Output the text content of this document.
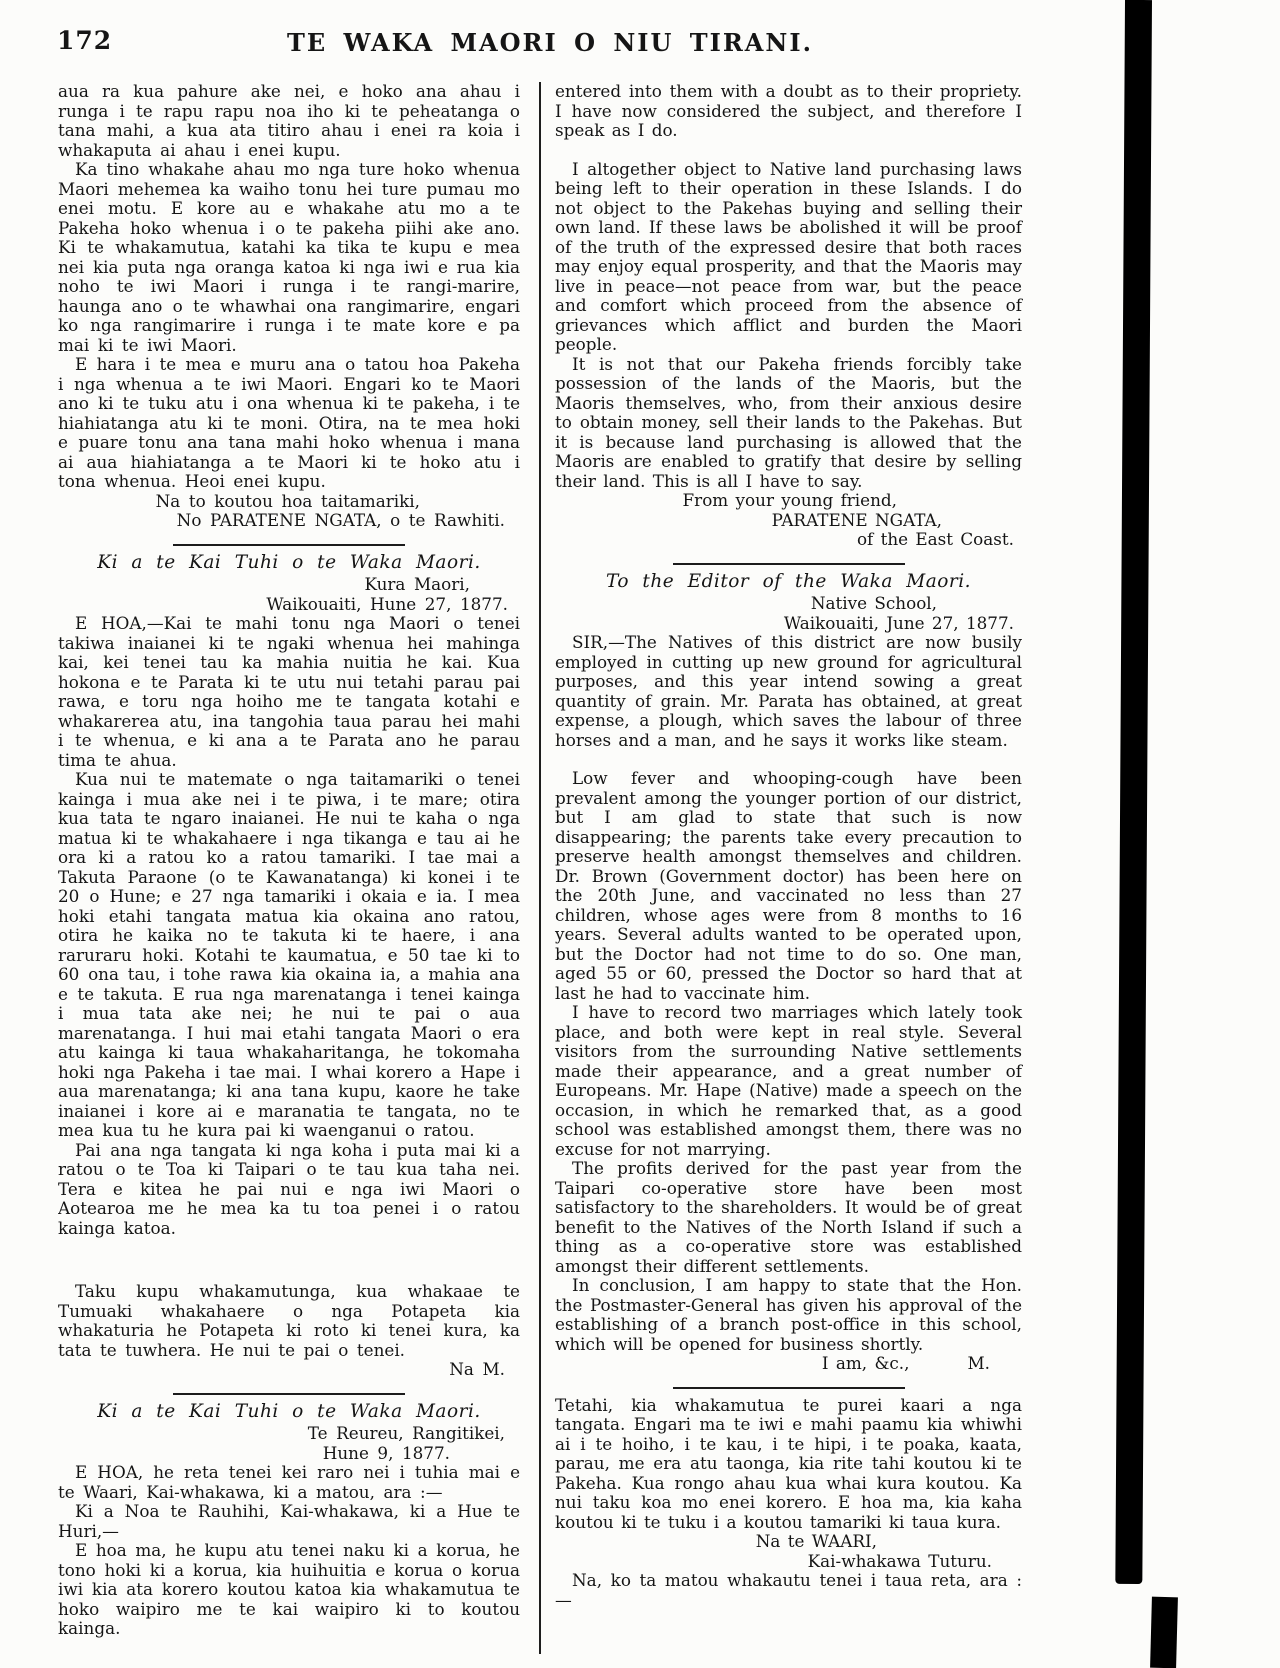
172	TE WAKA MAORI O NIU TIRANI.

aua ra kua pahure ake nei, e hoko ana ahau i runga i te rapu rapu noa iho ki te peheatanga o tana mahi, a kua ata titiro ahau i enei ra koia i whakaputa ai ahau i enei kupu.

Ka tino whakahe ahau mo nga ture hoko whenua Maori mehemea ka waiho tonu hei ture pumau mo enei motu. E kore au e whakahe atu mo a te Pakeha hoko whenua i o te pakeha piihi ake ano. Ki te whakamutua, katahi ka tika te kupu e mea nei kia puta nga oranga katoa ki nga iwi e rua kia noho te iwi Maori i runga i te rangi-marire, haunga ano o te whawhai ona rangimarire, engari ko nga rangimarire i runga i te mate kore e pa mai ki te iwi Maori.

E hara i te mea e muru ana o tatou hoa Pakeha i nga whenua a te iwi Maori. Engari ko te Maori ano ki te tuku atu i ona whenua ki te pakeha, i te hiahiatanga atu ki te moni. Otira, na te mea hoki e puare tonu ana tana mahi hoko whenua i mana ai aua hiahiatanga a te Maori ki te hoko atu i tona whenua. Heoi enei kupu.

Na to koutou hoa taitamariki,
No PARATENE NGATA, o te Rawhiti.
Ki a te Kai Tuhi o te Waka Maori.
Kura Maori,
Waikouaiti, Hune 27, 1877.

E HOA,—Kai te mahi tonu nga Maori o tenei takiwa inaianei ki te ngaki whenua hei mahinga kai, kei tenei tau ka mahia nuitia he kai. Kua hokona e te Parata ki te utu nui tetahi parau pai rawa, e toru nga hoiho me te tangata kotahi e whakarerea atu, ina tangohia taua parau hei mahi i te whenua, e ki ana a te Parata ano he parau tima te ahua.

Kua nui te matemate o nga taitamariki o tenei kainga i mua ake nei i te piwa, i te mare; otira kua tata te ngaro inaianei. He nui te kaha o nga matua ki te whakahaere i nga tikanga e tau ai he ora ki a ratou ko a ratou tamariki. I tae mai a Takuta Paraone (o te Kawanatanga) ki konei i te 20 o Hune; e 27 nga tamariki i okaia e ia. I mea hoki etahi tangata matua kia okaina ano ratou, otira he kaika no te takuta ki te haere, i ana raruraru hoki. Kotahi te kaumatua, e 50 tae ki to 60 ona tau, i tohe rawa kia okaina ia, a mahia ana e te takuta. E rua nga marenatanga i tenei kainga i mua tata ake nei; he nui te pai o aua marenatanga. I hui mai etahi tangata Maori o era atu kainga ki taua whakaharitanga, he tokomaha hoki nga Pakeha i tae mai. I whai korero a Hape i aua marenatanga; ki ana tana kupu, kaore he take inaianei i kore ai e maranatia te tangata, no te mea kua tu he kura pai ki waenganui o ratou.

Pai ana nga tangata ki nga koha i puta mai ki a ratou o te Toa ki Taipari o te tau kua taha nei. Tera e kitea he pai nui e nga iwi Maori o Aotearoa me he mea ka tu toa penei i o ratou kainga katoa.

Taku kupu whakamutunga, kua whakaae te Tumuaki whakahaere o nga Potapeta kia whakaturia he Potapeta ki roto ki tenei kura, ka tata te tuwhera. He nui te pai o tenei.

Na M.
Ki a te Kai Tuhi o te Waka Maori.
Te Reureu, Rangitikei,
Hune 9, 1877.

E HOA, he reta tenei kei raro nei i tuhia mai e te Waari, Kai-whakawa, ki a matou, ara :—

Ki a Noa te Rauhihi, Kai-whakawa, ki a Hue te Huri,—

E hoa ma, he kupu atu tenei naku ki a korua, he tono hoki ki a korua, kia huihuitia e korua o korua iwi kia ata korero koutou katoa kia whakamutua te hoko waipiro me te kai waipiro ki to koutou kainga.

entered into them with a doubt as to their propriety. I have now considered the subject, and therefore I speak as I do.

I altogether object to Native land purchasing laws being left to their operation in these Islands. I do not object to the Pakehas buying and selling their own land. If these laws be abolished it will be proof of the truth of the expressed desire that both races may enjoy equal prosperity, and that the Maoris may live in peace—not peace from war, but the peace and comfort which proceed from the absence of grievances which afflict and burden the Maori people.

It is not that our Pakeha friends forcibly take possession of the lands of the Maoris, but the Maoris themselves, who, from their anxious desire to obtain money, sell their lands to the Pakehas. But it is because land purchasing is allowed that the Maoris are enabled to gratify that desire by selling their land. This is all I have to say.

From your young friend,
PARATENE NGATA,
of the East Coast.
To the Editor of the Waka Maori.
Native School,
Waikouaiti, June 27, 1877.

SIR,—The Natives of this district are now busily employed in cutting up new ground for agricultural purposes, and this year intend sowing a great quantity of grain. Mr. Parata has obtained, at great expense, a plough, which saves the labour of three horses and a man, and he says it works like steam.

Low fever and whooping-cough have been prevalent among the younger portion of our district, but I am glad to state that such is now disappearing; the parents take every precaution to preserve health amongst themselves and children. Dr. Brown (Government doctor) has been here on the 20th June, and vaccinated no less than 27 children, whose ages were from 8 months to 16 years. Several adults wanted to be operated upon, but the Doctor had not time to do so. One man, aged 55 or 60, pressed the Doctor so hard that at last he had to vaccinate him.

I have to record two marriages which lately took place, and both were kept in real style. Several visitors from the surrounding Native settlements made their appearance, and a great number of Europeans. Mr. Hape (Native) made a speech on the occasion, in which he remarked that, as a good school was established amongst them, there was no excuse for not marrying.

The profits derived for the past year from the Taipari co-operative store have been most satisfactory to the shareholders. It would be of great benefit to the Natives of the North Island if such a thing as a co-operative store was established amongst their different settlements.

In conclusion, I am happy to state that the Hon. the Postmaster-General has given his approval of the establishing of a branch post-office in this school, which will be opened for business shortly.

I am, &c.,	M.

Tetahi, kia whakamutua te purei kaari a nga tangata. Engari ma te iwi e mahi paamu kia whiwhi ai i te hoiho, i te kau, i te hipi, i te poaka, kaata, parau, me era atu taonga, kia rite tahi koutou ki te Pakeha. Kua rongo ahau kua whai kura koutou. Ka nui taku koa mo enei korero. E hoa ma, kia kaha koutou ki te tuku i a koutou tamariki ki taua kura.

Na te WAARI,
Kai-whakawa Tuturu.

Na, ko ta matou whakautu tenei i taua reta, ara :—
